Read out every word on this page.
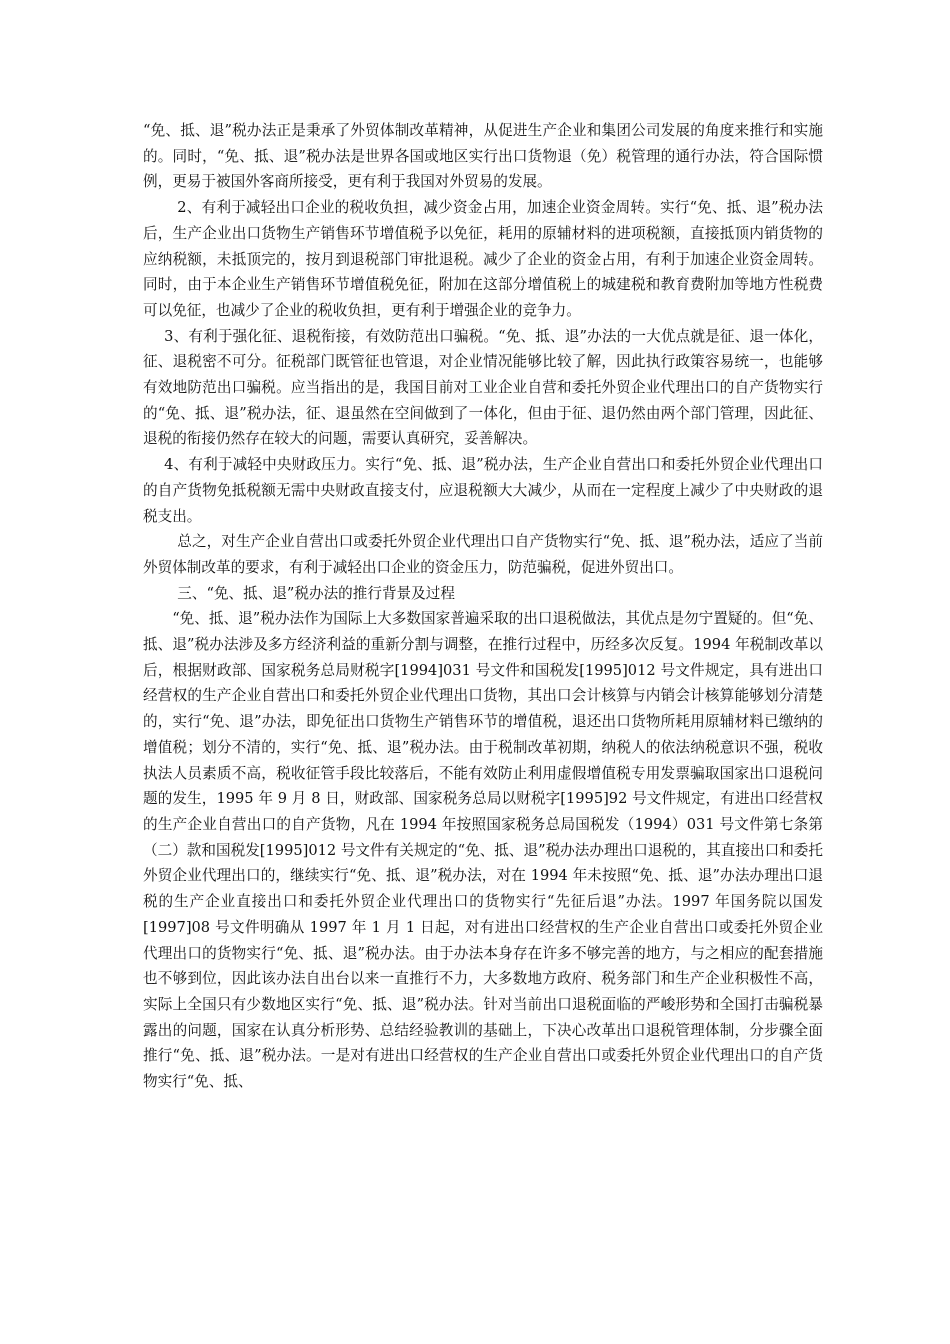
“免、抵、退”税办法正是秉承了外贸体制改革精神，从促进生产企业和集团公司发展的角度来推行和实施的。同时，“免、抵、退”税办法是世界各国或地区实行出口货物退（免）税管理的通行办法，符合国际惯例，更易于被国外客商所接受，更有利于我国对外贸易的发展。

2、有利于减轻出口企业的税收负担，减少资金占用，加速企业资金周转。实行“免、抵、退”税办法后，生产企业出口货物生产销售环节增值税予以免征，耗用的原辅材料的进项税额，直接抵顶内销货物的应纳税额，未抵顶完的，按月到退税部门审批退税。减少了企业的资金占用，有利于加速企业资金周转。同时，由于本企业生产销售环节增值税免征，附加在这部分增值税上的城建税和教育费附加等地方性税费可以免征，也减少了企业的税收负担，更有利于增强企业的竞争力。

3、有利于强化征、退税衔接，有效防范出口骗税。“免、抵、退”办法的一大优点就是征、退一体化，征、退税密不可分。征税部门既管征也管退，对企业情况能够比较了解，因此执行政策容易统一，也能够有效地防范出口骗税。应当指出的是，我国目前对工业企业自营和委托外贸企业代理出口的自产货物实行的“免、抵、退”税办法，征、退虽然在空间做到了一体化，但由于征、退仍然由两个部门管理，因此征、退税的衔接仍然存在较大的问题，需要认真研究，妥善解决。

4、有利于减轻中央财政压力。实行“免、抵、退”税办法，生产企业自营出口和委托外贸企业代理出口的自产货物免抵税额无需中央财政直接支付，应退税额大大减少，从而在一定程度上减少了中央财政的退税支出。

总之，对生产企业自营出口或委托外贸企业代理出口自产货物实行“免、抵、退”税办法，适应了当前外贸体制改革的要求，有利于减轻出口企业的资金压力，防范骗税，促进外贸出口。

三、“免、抵、退”税办法的推行背景及过程

“免、抵、退”税办法作为国际上大多数国家普遍采取的出口退税做法，其优点是勿宁置疑的。但“免、抵、退”税办法涉及多方经济利益的重新分割与调整，在推行过程中，历经多次反复。1994 年税制改革以后，根据财政部、国家税务总局财税字[1994]031 号文件和国税发[1995]012 号文件规定，具有进出口经营权的生产企业自营出口和委托外贸企业代理出口货物，其出口会计核算与内销会计核算能够划分清楚的，实行“免、退”办法，即免征出口货物生产销售环节的增值税，退还出口货物所耗用原辅材料已缴纳的增值税；划分不清的，实行“免、抵、退”税办法。由于税制改革初期，纳税人的依法纳税意识不强，税收执法人员素质不高，税收征管手段比较落后，不能有效防止利用虚假增值税专用发票骗取国家出口退税问题的发生，1995 年 9 月 8 日，财政部、国家税务总局以财税字[1995]92 号文件规定，有进出口经营权的生产企业自营出口的自产货物，凡在 1994 年按照国家税务总局国税发（1994）031 号文件第七条第（二）款和国税发[1995]012 号文件有关规定的“免、抵、退”税办法办理出口退税的，其直接出口和委托外贸企业代理出口的，继续实行“免、抵、退”税办法，对在 1994 年未按照“免、抵、退”办法办理出口退税的生产企业直接出口和委托外贸企业代理出口的货物实行“先征后退”办法。1997 年国务院以国发[1997]08 号文件明确从 1997 年 1 月 1 日起，对有进出口经营权的生产企业自营出口或委托外贸企业代理出口的货物实行“免、抵、退”税办法。由于办法本身存在许多不够完善的地方，与之相应的配套措施也不够到位，因此该办法自出台以来一直推行不力，大多数地方政府、税务部门和生产企业积极性不高，实际上全国只有少数地区实行“免、抵、退”税办法。针对当前出口退税面临的严峻形势和全国打击骗税暴露出的问题，国家在认真分析形势、总结经验教训的基础上，下决心改革出口退税管理体制，分步骤全面推行“免、抵、退”税办法。一是对有进出口经营权的生产企业自营出口或委托外贸企业代理出口的自产货物实行“免、抵、
